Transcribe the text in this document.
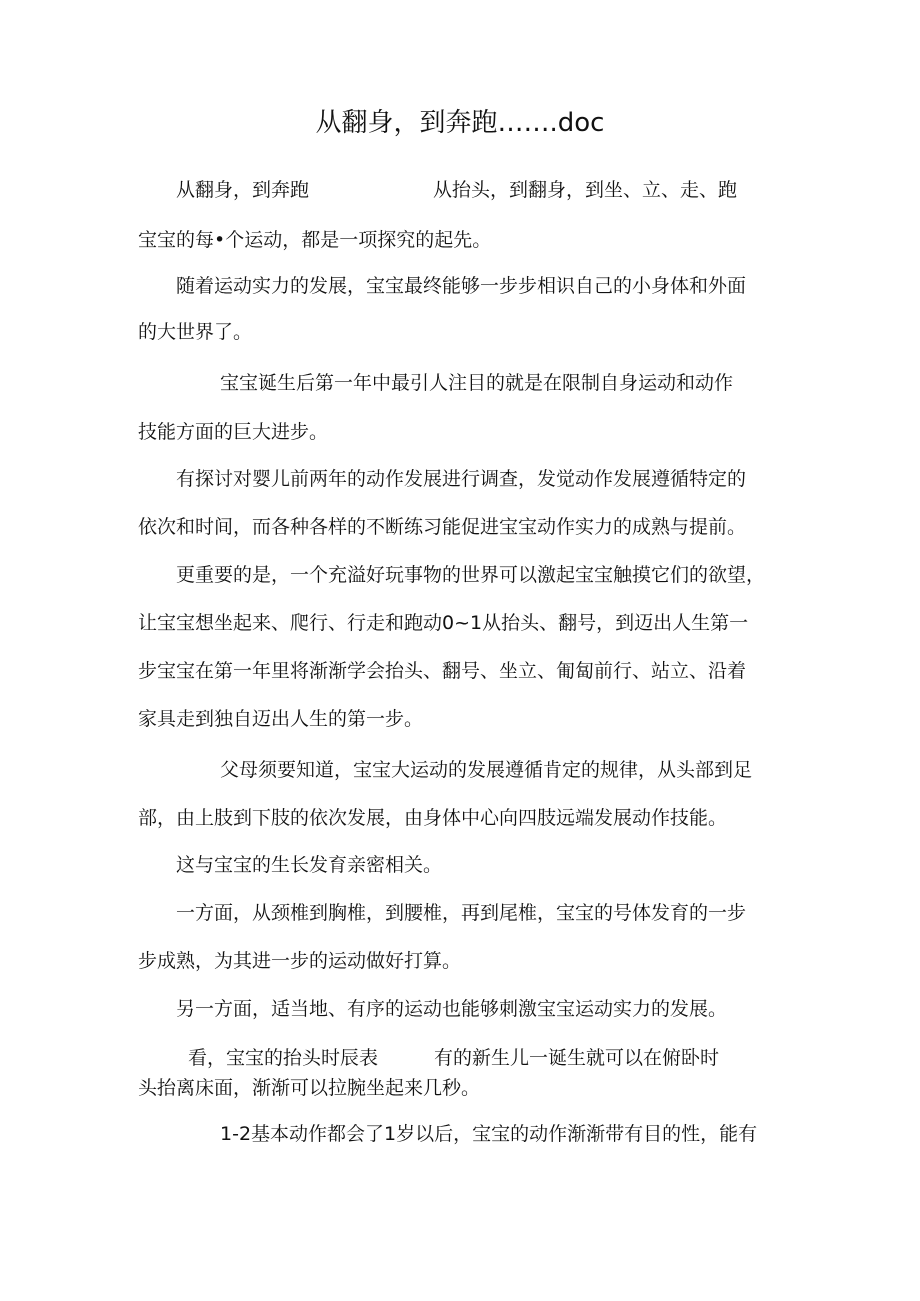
从翻身，到奔跑…….doc
从翻身，到奔跑	从抬头，到翻身，到坐、立、走、跑
宝宝的每•个运动，都是一项探究的起先。
随着运动实力的发展，宝宝最终能够一步步相识自己的小身体和外面
的大世界了。
宝宝诞生后第一年中最引人注目的就是在限制自身运动和动作
技能方面的巨大进步。
有探讨对婴儿前两年的动作发展进行调查，发觉动作发展遵循特定的
依次和时间，而各种各样的不断练习能促进宝宝动作实力的成熟与提前。
更重要的是，一个充溢好玩事物的世界可以激起宝宝触摸它们的欲望，
让宝宝想坐起来、爬行、行走和跑动0~1从抬头、翻号，到迈出人生第一
步宝宝在第一年里将渐渐学会抬头、翻号、坐立、匍匐前行、站立、沿着
家具走到独自迈出人生的第一步。
父母须要知道，宝宝大运动的发展遵循肯定的规律，从头部到足
部，由上肢到下肢的依次发展，由身体中心向四肢远端发展动作技能。
这与宝宝的生长发育亲密相关。
一方面，从颈椎到胸椎，到腰椎，再到尾椎，宝宝的号体发育的一步
步成熟，为其进一步的运动做好打算。
另一方面，适当地、有序的运动也能够刺激宝宝运动实力的发展。
看，宝宝的抬头时辰表	有的新生儿一诞生就可以在俯卧时
头抬离床面，渐渐可以拉腕坐起来几秒。
1-2基本动作都会了1岁以后，宝宝的动作渐渐带有目的性，能有
